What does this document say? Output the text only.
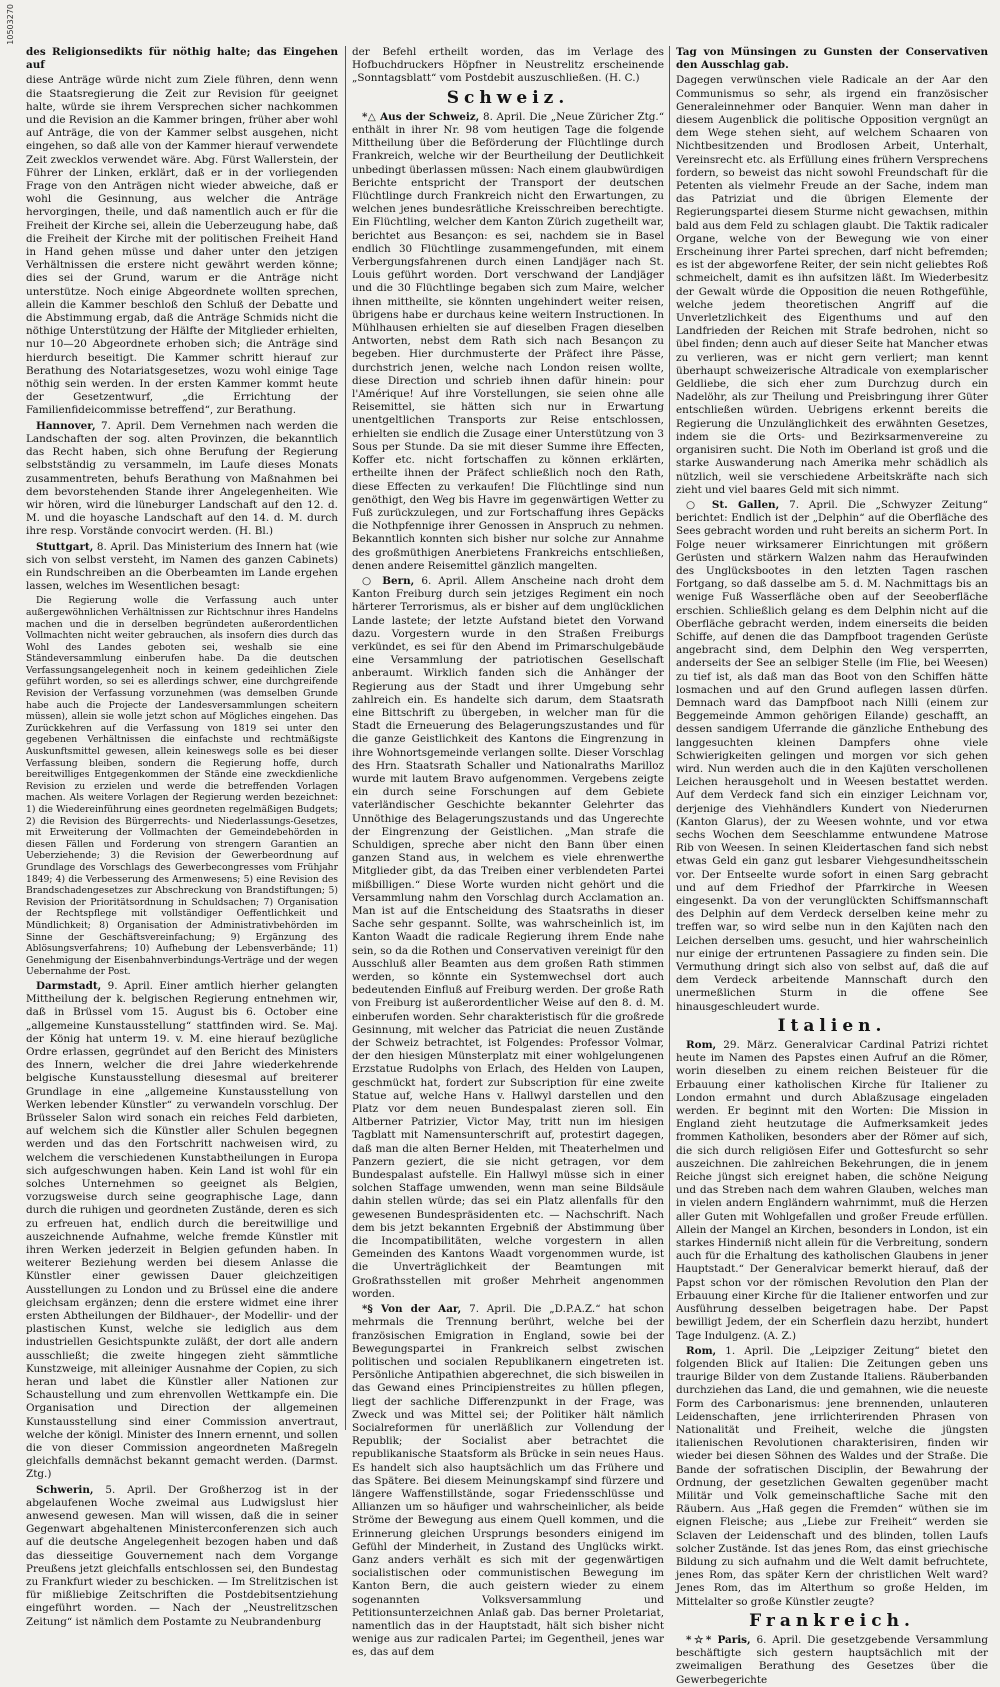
10503270

des Religionsedikts für nöthig halte; das Eingehen auf

diese Anträge würde nicht zum Ziele führen, denn wenn die Staatsregierung die Zeit zur Revision für geeignet halte, würde sie ihrem Versprechen sicher nachkommen und die Revision an die Kammer bringen, früher aber wohl auf Anträge, die von der Kammer selbst ausgehen, nicht eingehen, so daß alle von der Kammer hierauf verwendete Zeit zwecklos verwendet wäre. Abg. Fürst Wallerstein, der Führer der Linken, erklärt, daß er in der vorliegenden Frage von den Anträgen nicht wieder abweiche, daß er wohl die Gesinnung, aus welcher die Anträge hervorgingen, theile, und daß namentlich auch er für die Freiheit der Kirche sei, allein die Ueberzeugung habe, daß die Freiheit der Kirche mit der politischen Freiheit Hand in Hand gehen müsse und daher unter den jetzigen Verhältnissen die erstere nicht gewährt werden könne; dies sei der Grund, warum er die Anträge nicht unterstütze. Noch einige Abgeordnete wollten sprechen, allein die Kammer beschloß den Schluß der Debatte und die Abstimmung ergab, daß die Anträge Schmids nicht die nöthige Unterstützung der Hälfte der Mitglieder erhielten, nur 10—20 Abgeordnete erhoben sich; die Anträge sind hierdurch beseitigt. Die Kammer schritt hierauf zur Berathung des Notariatsgesetzes, wozu wohl einige Tage nöthig sein werden. In der ersten Kammer kommt heute der Gesetzentwurf, „die Errichtung der Familienfideicommisse betreffend“, zur Berathung.

Hannover, 7. April. Dem Vernehmen nach werden die Landschaften der sog. alten Provinzen, die bekanntlich das Recht haben, sich ohne Berufung der Regierung selbstständig zu versammeln, im Laufe dieses Monats zusammentreten, behufs Berathung von Maßnahmen bei dem bevorstehenden Stande ihrer Angelegenheiten. Wie wir hören, wird die lüneburger Landschaft auf den 12. d. M. und die hoyasche Landschaft auf den 14. d. M. durch ihre resp. Vorstände convocirt werden. (H. Bl.)

Stuttgart, 8. April. Das Ministerium des Innern hat (wie sich von selbst versteht, im Namen des ganzen Cabinets) ein Rundschreiben an die Oberbeamten im Lande ergehen lassen, welches im Wesentlichen besagt:

Die Regierung wolle die Verfassung auch unter außergewöhnlichen Verhältnissen zur Richtschnur ihres Handelns machen und die in derselben begründeten außerordentlichen Vollmachten nicht weiter gebrauchen, als insofern dies durch das Wohl des Landes geboten sei, weshalb sie eine Ständeversammlung einberufen habe. Da die deutschen Verfassungsangelegenheit noch in keinem gedeihlichen Ziele geführt worden, so sei es allerdings schwer, eine durchgreifende Revision der Verfassung vorzunehmen (was demselben Grunde habe auch die Projecte der Landesversammlungen scheitern müssen), allein sie wolle jetzt schon auf Mögliches eingehen. Das Zurückkehren auf die Verfassung von 1819 sei unter den gegebenen Verhältnissen die einfachste und rechtmäßigste Auskunftsmittel gewesen, allein keineswegs solle es bei dieser Verfassung bleiben, sondern die Regierung hoffe, durch bereitwilliges Entgegenkommen der Stände eine zweckdienliche Revision zu erzielen und werde die betreffenden Vorlagen machen. Als weitere Vorlagen der Regierung werden bezeichnet: 1) die Wiedereinführung eines geordneten regelmäßigen Budgets; 2) die Revision des Bürgerrechts- und Niederlassungs-Gesetzes, mit Erweiterung der Vollmachten der Gemeindebehörden in diesen Fällen und Forderung von strengern Garantien an Ueberziehende; 3) die Revision der Gewerbeordnung auf Grundlage des Vorschlags des Gewerbecongresses vom Frühjahr 1849; 4) die Verbesserung des Armenwesens; 5) eine Revision des Brandschadengesetzes zur Abschreckung von Brandstiftungen; 5) Revision der Prioritätsordnung in Schuldsachen; 7) Organisation der Rechtspflege mit vollständiger Oeffentlichkeit und Mündlichkeit; 8) Organisation der Administrativbehörden im Sinne der Geschäftsvereinfachung; 9) Ergänzung des Ablösungsverfahrens; 10) Aufhebung der Lebensverbände; 11) Genehmigung der Eisenbahnverbindungs-Verträge und der wegen Uebernahme der Post.

Darmstadt, 9. April. Einer amtlich hierher gelangten Mittheilung der k. belgischen Regierung entnehmen wir, daß in Brüssel vom 15. August bis 6. October eine „allgemeine Kunstausstellung“ stattfinden wird. Se. Maj. der König hat unterm 19. v. M. eine hierauf bezügliche Ordre erlassen, gegründet auf den Bericht des Ministers des Innern, welcher die drei Jahre wiederkehrende belgische Kunstausstellung diesesmal auf breiterer Grundlage in eine „allgemeine Kunstausstellung von Werken lebender Künstler“ zu verwandeln vorschlug. Der Brüsseler Salon wird sonach ein reiches Feld darbieten, auf welchem sich die Künstler aller Schulen begegnen werden und das den Fortschritt nachweisen wird, zu welchem die verschiedenen Kunstabtheilungen in Europa sich aufgeschwungen haben. Kein Land ist wohl für ein solches Unternehmen so geeignet als Belgien, vorzugsweise durch seine geographische Lage, dann durch die ruhigen und geordneten Zustände, deren es sich zu erfreuen hat, endlich durch die bereitwillige und auszeichnende Aufnahme, welche fremde Künstler mit ihren Werken jederzeit in Belgien gefunden haben. In weiterer Beziehung werden bei diesem Anlasse die Künstler einer gewissen Dauer gleichzeitigen Ausstellungen zu London und zu Brüssel eine die andere gleichsam ergänzen; denn die erstere widmet eine ihrer ersten Abtheilungen der Bildhauer-, der Modellir- und der plastischen Kunst, welche sie lediglich aus dem industriellen Gesichtspunkte zuläßt, der dort alle andern ausschließt; die zweite hingegen zieht sämmtliche Kunstzweige, mit alleiniger Ausnahme der Copien, zu sich heran und labet die Künstler aller Nationen zur Schaustellung und zum ehrenvollen Wettkampfe ein. Die Organisation und Direction der allgemeinen Kunstausstellung sind einer Commission anvertraut, welche der königl. Minister des Innern ernennt, und sollen die von dieser Commission angeordneten Maßregeln gleichfalls demnächst bekannt gemacht werden. (Darmst. Ztg.)

Schwerin, 5. April. Der Großherzog ist in der abgelaufenen Woche zweimal aus Ludwigslust hier anwesend gewesen. Man will wissen, daß die in seiner Gegenwart abgehaltenen Ministerconferenzen sich auch auf die deutsche Angelegenheit bezogen haben und daß das diesseitige Gouvernement nach dem Vorgange Preußens jetzt gleichfalls entschlossen sei, den Bundestag zu Frankfurt wieder zu beschicken. — Im Strelitzischen ist für mißliebige Zeitschriften die Postdebitsentziehung eingeführt worden. — Nach der „Neustrelitzschen Zeitung“ ist nämlich dem Postamte zu Neubrandenburg

der Befehl ertheilt worden, das im Verlage des Hofbuchdruckers Höpfner in Neustrelitz erscheinende „Sonntagsblatt“ vom Postdebit auszuschließen. (H. C.)

Schweiz.

*△ Aus der Schweiz, 8. April. Die „Neue Züricher Ztg.“ enthält in ihrer Nr. 98 vom heutigen Tage die folgende Mittheilung über die Beförderung der Flüchtlinge durch Frankreich, welche wir der Beurtheilung der Deutlichkeit unbedingt überlassen müssen: Nach einem glaubwürdigen Berichte entspricht der Transport der deutschen Flüchtlinge durch Frankreich nicht den Erwartungen, zu welchen jenes bundesrätliche Kreisschreiben berechtigte. Ein Flüchtling, welcher dem Kanton Zürich zugetheilt war, berichtet aus Besançon: es sei, nachdem sie in Basel endlich 30 Flüchtlinge zusammengefunden, mit einem Verbergungsfahrenen durch einen Landjäger nach St. Louis geführt worden. Dort verschwand der Landjäger und die 30 Flüchtlinge begaben sich zum Maire, welcher ihnen mittheilte, sie könnten ungehindert weiter reisen, übrigens habe er durchaus keine weitern Instructionen. In Mühlhausen erhielten sie auf dieselben Fragen dieselben Antworten, nebst dem Rath sich nach Besançon zu begeben. Hier durchmusterte der Präfect ihre Pässe, durchstrich jenen, welche nach London reisen wollte, diese Direction und schrieb ihnen dafür hinein: pour l'Amérique! Auf ihre Vorstellungen, sie seien ohne alle Reisemittel, sie hätten sich nur in Erwartung unentgeltlichen Transports zur Reise entschlossen, erhielten sie endlich die Zusage einer Unterstützung von 3 Sous per Stunde. Da sie mit dieser Summe ihre Effecten, Koffer etc. nicht fortschaffen zu können erklärten, ertheilte ihnen der Präfect schließlich noch den Rath, diese Effecten zu verkaufen! Die Flüchtlinge sind nun genöthigt, den Weg bis Havre im gegenwärtigen Wetter zu Fuß zurückzulegen, und zur Fortschaffung ihres Gepäcks die Nothpfennige ihrer Genossen in Anspruch zu nehmen. Bekanntlich konnten sich bisher nur solche zur Annahme des großmüthigen Anerbietens Frankreichs entschließen, denen andere Reisemittel gänzlich mangelten.

○ Bern, 6. April. Allem Anscheine nach droht dem Kanton Freiburg durch sein jetziges Regiment ein noch härterer Terrorismus, als er bisher auf dem unglücklichen Lande lastete; der letzte Aufstand bietet den Vorwand dazu. Vorgestern wurde in den Straßen Freiburgs verkündet, es sei für den Abend im Primarschulgebäude eine Versammlung der patriotischen Gesellschaft anberaumt. Wirklich fanden sich die Anhänger der Regierung aus der Stadt und ihrer Umgebung sehr zahlreich ein. Es handelte sich darum, dem Staatsrath eine Bittschrift zu übergeben, in welcher man für die Stadt die Erneuerung des Belagerungszustandes und für die ganze Geistlichkeit des Kantons die Eingrenzung in ihre Wohnortsgemeinde verlangen sollte. Dieser Vorschlag des Hrn. Staatsrath Schaller und Nationalraths Marilloz wurde mit lautem Bravo aufgenommen. Vergebens zeigte ein durch seine Forschungen auf dem Gebiete vaterländischer Geschichte bekannter Gelehrter das Unnöthige des Belagerungszustands und das Ungerechte der Eingrenzung der Geistlichen. „Man strafe die Schuldigen, spreche aber nicht den Bann über einen ganzen Stand aus, in welchem es viele ehrenwerthe Mitglieder gibt, da das Treiben einer verblendeten Partei mißbilligen.“ Diese Worte wurden nicht gehört und die Versammlung nahm den Vorschlag durch Acclamation an. Man ist auf die Entscheidung des Staatsraths in dieser Sache sehr gespannt. Sollte, was wahrscheinlich ist, im Kanton Waadt die radicale Regierung ihrem Ende nahe sein, so da die Rothen und Conservativen vereinigt für den Ausschluß aller Beamten aus dem großen Rath stimmen werden, so könnte ein Systemwechsel dort auch bedeutenden Einfluß auf Freiburg werden. Der große Rath von Freiburg ist außerordentlicher Weise auf den 8. d. M. einberufen worden. Sehr charakteristisch für die großrede Gesinnung, mit welcher das Patriciat die neuen Zustände der Schweiz betrachtet, ist Folgendes: Professor Volmar, der den hiesigen Münsterplatz mit einer wohlgelungenen Erzstatue Rudolphs von Erlach, des Helden von Laupen, geschmückt hat, fordert zur Subscription für eine zweite Statue auf, welche Hans v. Hallwyl darstellen und den Platz vor dem neuen Bundespalast zieren soll. Ein Altberner Patrizier, Victor May, tritt nun im hiesigen Tagblatt mit Namensunterschrift auf, protestirt dagegen, daß man die alten Berner Helden, mit Theaterhelmen und Panzern geziert, die sie nicht getragen, vor dem Bundespalast aufstelle. Ein Hallwyl müsse sich in einer solchen Staffage umwenden, wenn man seine Bildsäule dahin stellen würde; das sei ein Platz allenfalls für den gewesenen Bundespräsidenten etc. — Nachschrift. Nach dem bis jetzt bekannten Ergebniß der Abstimmung über die Incompatibilitäten, welche vorgestern in allen Gemeinden des Kantons Waadt vorgenommen wurde, ist die Unverträglichkeit der Beamtungen mit Großrathsstellen mit großer Mehrheit angenommen worden.

*§ Von der Aar, 7. April. Die „D.P.A.Z.“ hat schon mehrmals die Trennung berührt, welche bei der französischen Emigration in England, sowie bei der Bewegungspartei in Frankreich selbst zwischen politischen und socialen Republikanern eingetreten ist. Persönliche Antipathien abgerechnet, die sich bisweilen in das Gewand eines Principienstreites zu hüllen pflegen, liegt der sachliche Differenzpunkt in der Frage, was Zweck und was Mittel sei; der Politiker hält nämlich Socialreformen für unerläßlich zur Vollendung der Republik; der Socialist aber betrachtet die republikanische Staatsform als Brücke in sein neues Haus. Es handelt sich also hauptsächlich um das Frühere und das Spätere. Bei diesem Meinungskampf sind fürzere und längere Waffenstillstände, sogar Friedensschlüsse und Allianzen um so häufiger und wahrscheinlicher, als beide Ströme der Bewegung aus einem Quell kommen, und die Erinnerung gleichen Ursprungs besonders einigend im Gefühl der Minderheit, in Zustand des Unglücks wirkt. Ganz anders verhält es sich mit der gegenwärtigen socialistischen oder communistischen Bewegung im Kanton Bern, die auch geistern wieder zu einem sogenannten Volksversammlung und Petitionsunterzeichnen Anlaß gab. Das berner Proletariat, namentlich das in der Hauptstadt, hält sich bisher nicht wenige aus zur radicalen Partei; im Gegentheil, jenes war es, das auf dem

Tag von Münsingen zu Gunsten der Conservativen den Ausschlag gab.

Dagegen verwünschen viele Radicale an der Aar den Communismus so sehr, als irgend ein französischer Generaleinnehmer oder Banquier. Wenn man daher in diesem Augenblick die politische Opposition vergnügt an dem Wege stehen sieht, auf welchem Schaaren von Nichtbesitzenden und Brodlosen Arbeit, Unterhalt, Vereinsrecht etc. als Erfüllung eines frühern Versprechens fordern, so beweist das nicht sowohl Freundschaft für die Petenten als vielmehr Freude an der Sache, indem man das Patriziat und die übrigen Elemente der Regierungspartei diesem Sturme nicht gewachsen, mithin bald aus dem Feld zu schlagen glaubt. Die Taktik radicaler Organe, welche von der Bewegung wie von einer Erscheinung ihrer Partei sprechen, darf nicht befremden; es ist der abgeworfene Reiter, der sein nicht geliebtes Roß schmeichelt, damit es ihn aufsitzen läßt. Im Wiederbesitz der Gewalt würde die Opposition die neuen Rothgefühle, welche jedem theoretischen Angriff auf die Unverletzlichkeit des Eigenthums und auf den Landfrieden der Reichen mit Strafe bedrohen, nicht so übel finden; denn auch auf dieser Seite hat Mancher etwas zu verlieren, was er nicht gern verliert; man kennt überhaupt schweizerische Altradicale von exemplarischer Geldliebe, die sich eher zum Durchzug durch ein Nadelöhr, als zur Theilung und Preisbringung ihrer Güter entschließen würden. Uebrigens erkennt bereits die Regierung die Unzulänglichkeit des erwähnten Gesetzes, indem sie die Orts- und Bezirksarmenvereine zu organisiren sucht. Die Noth im Oberland ist groß und die starke Auswanderung nach Amerika mehr schädlich als nützlich, weil sie verschiedene Arbeitskräfte nach sich zieht und viel baares Geld mit sich nimmt.

○ St. Gallen, 7. April. Die „Schwyzer Zeitung“ berichtet: Endlich ist der „Delphin“ auf die Oberfläche des Sees gebracht worden und ruht bereits an sicherm Port. In Folge neuer wirksamerer Einrichtungen mit größern Gerüsten und stärkern Walzen nahm das Heraufwinden des Unglücksbootes in den letzten Tagen raschen Fortgang, so daß dasselbe am 5. d. M. Nachmittags bis an wenige Fuß Wasserfläche oben auf der Seeoberfläche erschien. Schließlich gelang es dem Delphin nicht auf die Oberfläche gebracht werden, indem einerseits die beiden Schiffe, auf denen die das Dampfboot tragenden Gerüste angebracht sind, dem Delphin den Weg versperrten, anderseits der See an selbiger Stelle (im Flie, bei Weesen) zu tief ist, als daß man das Boot von den Schiffen hätte losmachen und auf den Grund auflegen lassen dürfen. Demnach ward das Dampfboot nach Nilli (einem zur Beggemeinde Ammon gehörigen Eilande) geschafft, an dessen sandigem Uferrande die gänzliche Enthebung des langgesuchten kleinen Dampfers ohne viele Schwierigkeiten gelingen und morgen vor sich gehen wird. Nun werden auch die in den Kajüten verschollenen Leichen herausgeholt und in Weesen bestattet werden. Auf dem Verdeck fand sich ein einziger Leichnam vor, derjenige des Viehhändlers Kundert von Niederurnen (Kanton Glarus), der zu Weesen wohnte, und vor etwa sechs Wochen dem Seeschlamme entwundene Matrose Rib von Weesen. In seinen Kleidertaschen fand sich nebst etwas Geld ein ganz gut lesbarer Viehgesundheitsschein vor. Der Entseelte wurde sofort in einen Sarg gebracht und auf dem Friedhof der Pfarrkirche in Weesen eingesenkt. Da von der verunglückten Schiffsmannschaft des Delphin auf dem Verdeck derselben keine mehr zu treffen war, so wird selbe nun in den Kajüten nach den Leichen derselben ums. gesucht, und hier wahrscheinlich nur einige der ertruntenen Passagiere zu finden sein. Die Vermuthung dringt sich also von selbst auf, daß die auf dem Verdeck arbeitende Mannschaft durch den unermeßlichen Sturm in die offene See hinausgeschleudert wurde.

Italien.

Rom, 29. März. Generalvicar Cardinal Patrizi richtet heute im Namen des Papstes einen Aufruf an die Römer, worin dieselben zu einem reichen Beisteuer für die Erbauung einer katholischen Kirche für Italiener zu London ermahnt und durch Ablaßzusage eingeladen werden. Er beginnt mit den Worten: Die Mission in England zieht heutzutage die Aufmerksamkeit jedes frommen Katholiken, besonders aber der Römer auf sich, die sich durch religiösen Eifer und Gottesfurcht so sehr auszeichnen. Die zahlreichen Bekehrungen, die in jenem Reiche jüngst sich ereignet haben, die schöne Neigung und das Streben nach dem wahren Glauben, welches man in vielen andern Engländern wahrnimmt, muß die Herzen aller Guten mit Wohlgefallen und großer Freude erfüllen. Allein der Mangel an Kirchen, besonders in London, ist ein starkes Hinderniß nicht allein für die Verbreitung, sondern auch für die Erhaltung des katholischen Glaubens in jener Hauptstadt.“ Der Generalvicar bemerkt hierauf, daß der Papst schon vor der römischen Revolution den Plan der Erbauung einer Kirche für die Italiener entworfen und zur Ausführung desselben beigetragen habe. Der Papst bewilligt Jedem, der ein Scherflein dazu herzibt, hundert Tage Indulgenz. (A. Z.)

Rom, 1. April. Die „Leipziger Zeitung“ bietet den folgenden Blick auf Italien: Die Zeitungen geben uns traurige Bilder von dem Zustande Italiens. Räuberbanden durchziehen das Land, die und gemahnen, wie die neueste Form des Carbonarismus: jene brennenden, unlauteren Leidenschaften, jene irrlichterirenden Phrasen von Nationalität und Freiheit, welche die jüngsten italienischen Revolutionen charakterisiren, finden wir wieder bei diesen Söhnen des Waldes und der Straße. Die Bande der sofratischen Disciplin, der Bewahrung der Ordnung, der gesetzlichen Gewalten gegenüber macht Militär und Volk gemeinschaftliche Sache mit den Räubern. Aus „Haß gegen die Fremden“ wüthen sie im eignen Fleische; aus „Liebe zur Freiheit“ werden sie Sclaven der Leidenschaft und des blinden, tollen Laufs solcher Zustände. Ist das jenes Rom, das einst griechische Bildung zu sich aufnahm und die Welt damit befruchtete, jenes Rom, das später Kern der christlichen Welt ward? Jenes Rom, das im Alterthum so große Helden, im Mittelalter so große Künstler zeugte?

Frankreich.

*☆* Paris, 6. April. Die gesetzgebende Versammlung beschäftigte sich gestern hauptsächlich mit der zweimaligen Berathung des Gesetzes über die Gewerbegerichte
